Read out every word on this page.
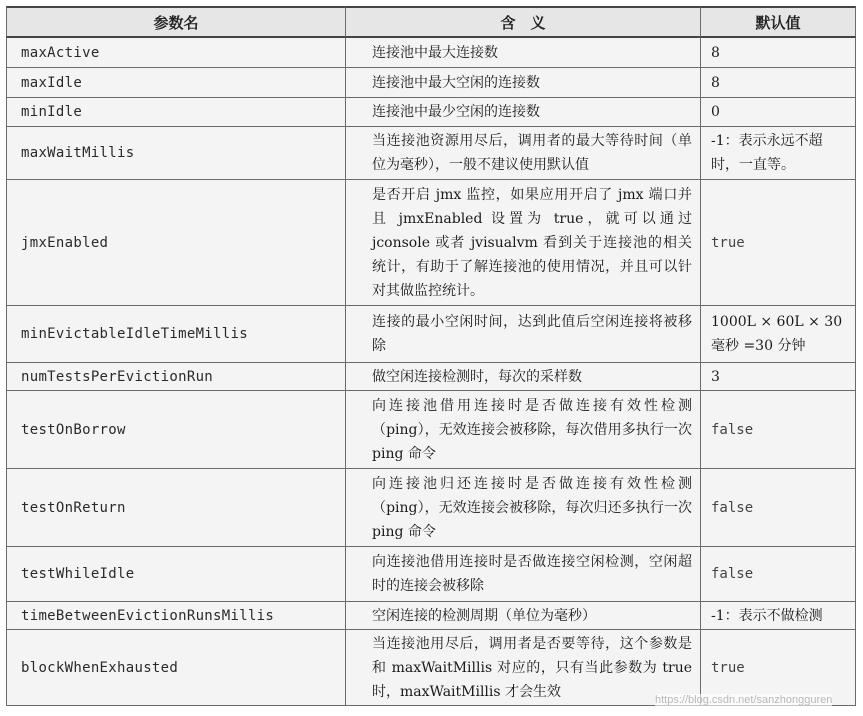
参数名	含　义	默认值
maxActive	连接池中最大连接数	8
maxIdle	连接池中最大空闲的连接数	8
minIdle	连接池中最少空闲的连接数	0
maxWaitMillis	当连接池资源用尽后，调用者的最大等待时间（单位为毫秒），一般不建议使用默认值	-1：表示永远不超时，一直等。
jmxEnabled	是否开启 jmx 监控，如果应用开启了 jmx 端口并且 jmxEnabled 设置为 true，就可以通过 jconsole 或者 jvisualvm 看到关于连接池的相关统计，有助于了解连接池的使用情况，并且可以针对其做监控统计。	true
minEvictableIdleTimeMillis	连接的最小空闲时间，达到此值后空闲连接将被移除	1000L × 60L × 30 毫秒 =30 分钟
numTestsPerEvictionRun	做空闲连接检测时，每次的采样数	3
testOnBorrow	向连接池借用连接时是否做连接有效性检测（ping），无效连接会被移除，每次借用多执行一次 ping 命令	false
testOnReturn	向连接池归还连接时是否做连接有效性检测（ping），无效连接会被移除，每次归还多执行一次 ping 命令	false
testWhileIdle	向连接池借用连接时是否做连接空闲检测，空闲超时的连接会被移除	false
timeBetweenEvictionRunsMillis	空闲连接的检测周期（单位为毫秒）	-1：表示不做检测
blockWhenExhausted	当连接池用尽后，调用者是否要等待，这个参数是和 maxWaitMillis 对应的，只有当此参数为 true 时，maxWaitMillis 才会生效	true
https://blog.csdn.net/sanzhongguren
